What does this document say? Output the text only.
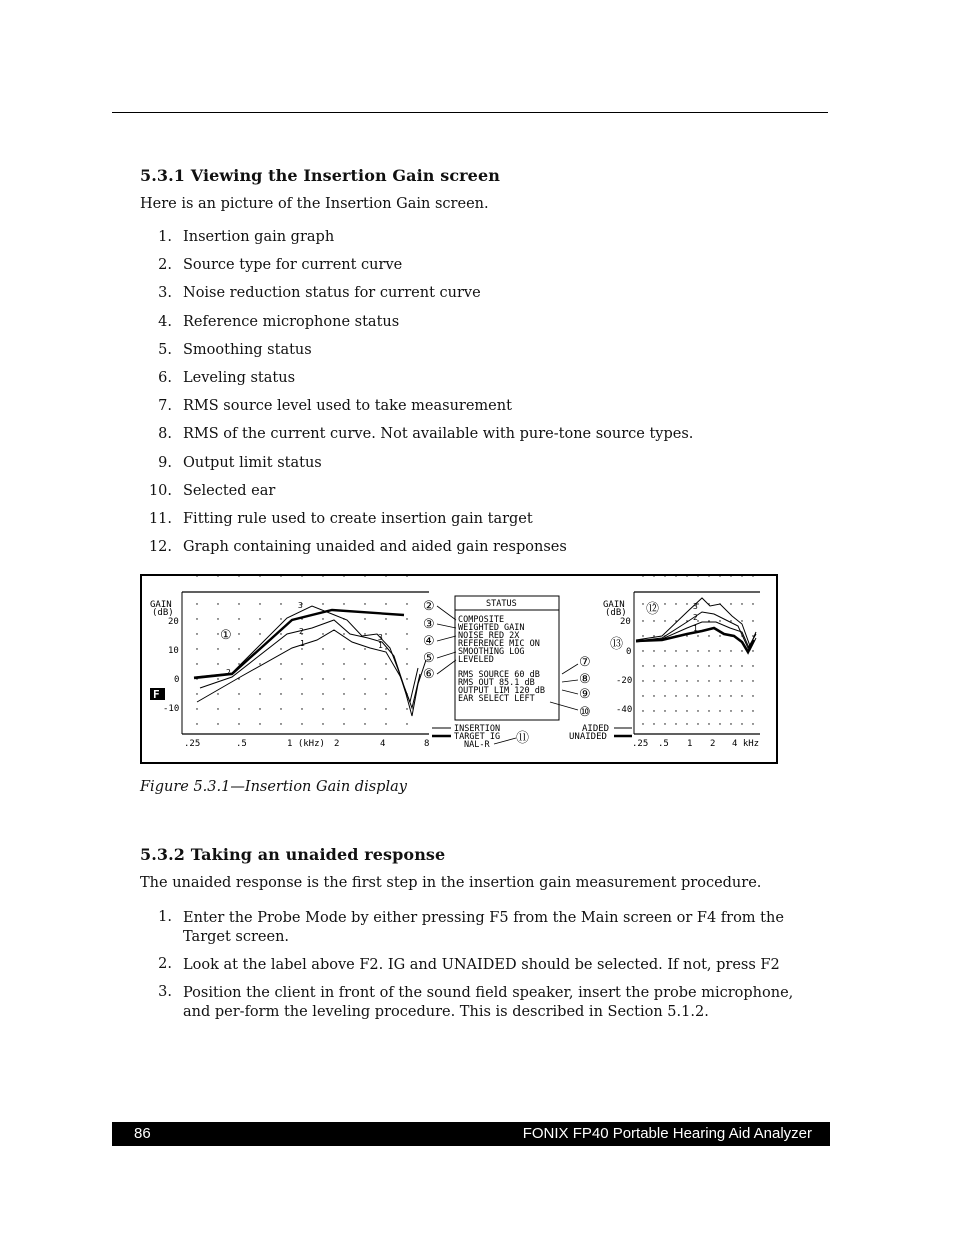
5.3.1 Viewing the Insertion Gain screen

Here is an picture of the Insertion Gain screen.

1. Insertion gain graph
2. Source type for current curve
3. Noise reduction status for current curve
4. Reference microphone status
5. Smoothing status
6. Leveling status
7. RMS source level used to take measurement
8. RMS of the current curve. Not available with pure-tone source types.
9. Output limit status
10. Selected ear
11. Fitting rule used to create insertion gain target
12. Graph containing unaided and aided gain responses
GAIN
(dB)
20
10
0
-10
F
.25	.5	1 (kHz) 2	4	8
3
2
1
2
1
3
①
STATUS
COMPOSITE
WEIGHTED GAIN
NOISE RED 2X
REFERENCE MIC ON
SMOOTHING LOG
LEVELED
RMS SOURCE 60 dB
RMS OUT 85.1 dB
OUTPUT LIM 120 dB
EAR SELECT LEFT
INSERTION
TARGET IG
NAL-R ⑪
②
③
④
⑤
⑥
⑦
⑧
⑨
⑩
GAIN
(dB)
20
0
-20
-40
.25 .5 1 2 4 kHz
3
2
1
⑫
⑬
AIDED
UNAIDED
Figure 5.3.1—Insertion Gain display
5.3.2 Taking an unaided response

The unaided response is the first step in the insertion gain measurement procedure.

1. Enter the Probe Mode by either pressing F5 from the Main screen or F4 from the Target screen.
2. Look at the label above F2. IG and UNAIDED should be selected. If not, press F2
3. Position the client in front of the sound field speaker, insert the probe microphone, and per-form the leveling procedure. This is described in Section 5.1.2.
86	FONIX FP40 Portable Hearing Aid Analyzer
